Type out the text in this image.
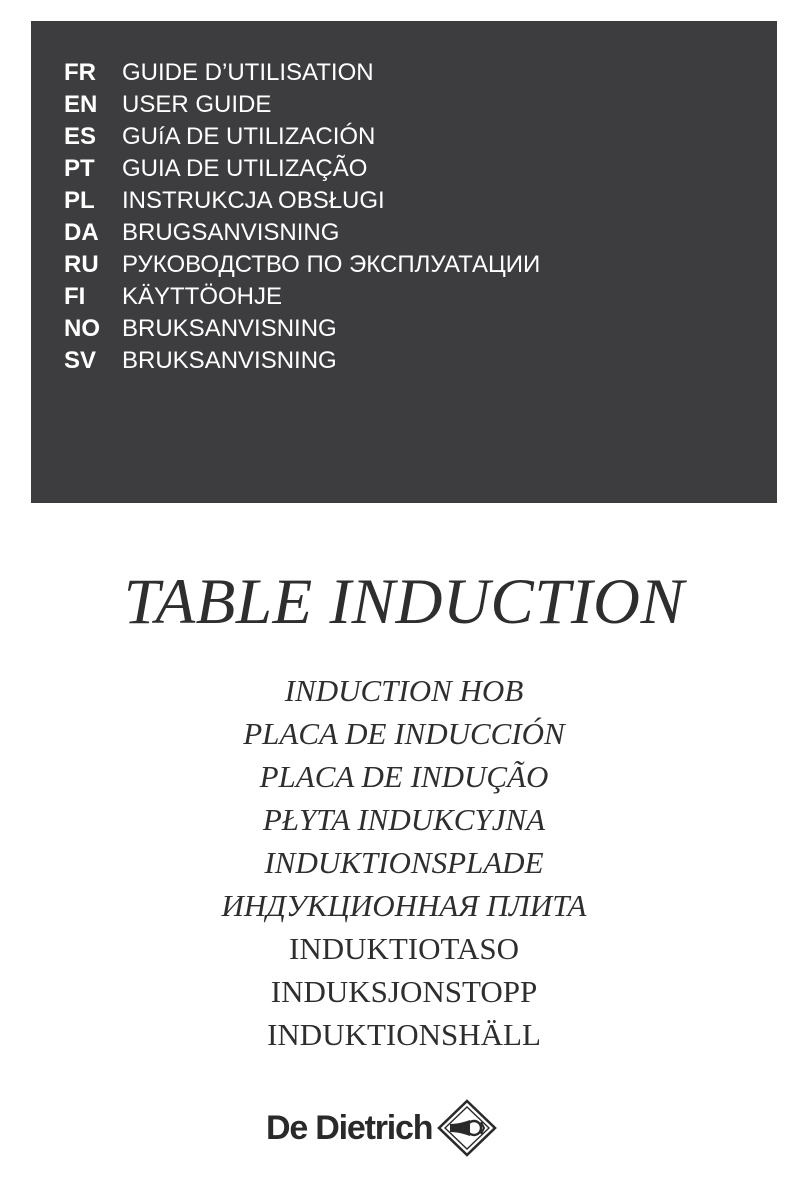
FR GUIDE D’UTILISATION
EN USER GUIDE
ES GUíA DE UTILIZACIÓN
PT GUIA DE UTILIZAÇÃO
PL INSTRUKCJA OBSŁUGI
DA BRUGSANVISNING
RU РУКОВОДСТВО ПО ЭКСПЛУАТАЦИИ
FI KÄYTTÖOHJE
NO BRUKSANVISNING
SV BRUKSANVISNING
TABLE INDUCTION
INDUCTION HOB
PLACA DE INDUCCIÓN
PLACA DE INDUÇÃO
PŁYTA INDUKCYJNA
INDUKTIONSPLADE
ИНДУКЦИОННАЯ ПЛИТА
INDUKTIOTASO
INDUKSJONSTOPP
INDUKTIONSHÄLL
De Dietrich
